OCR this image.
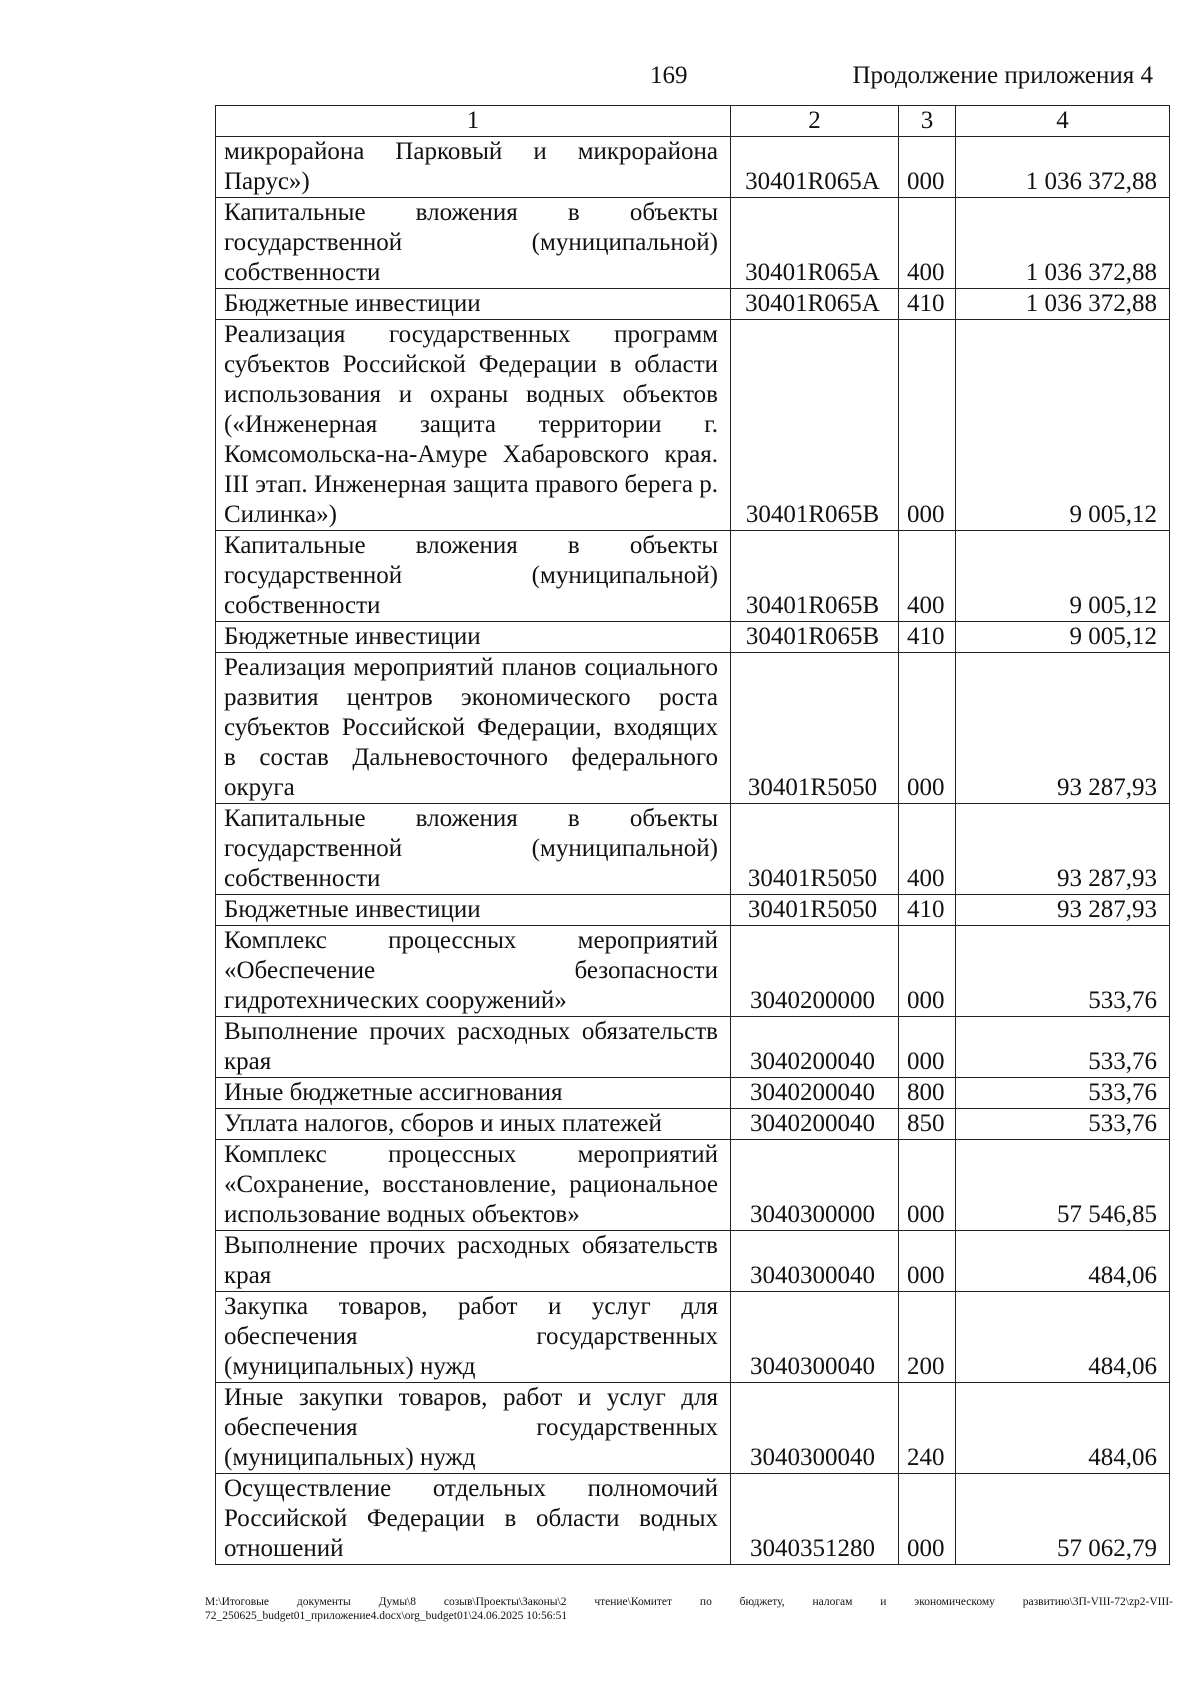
169	Продолжение приложения 4
1	2	3	4
микрорайона Парковый и микрорайона Парус»)	30401R065A	000	1 036 372,88
Капитальные вложения в объекты государственной (муниципальной) собственности	30401R065A	400	1 036 372,88
Бюджетные инвестиции	30401R065A	410	1 036 372,88
Реализация государственных программ субъектов Российской Федерации в области использования и охраны водных объектов («Инженерная защита территории г. Комсомольска-на-Амуре Хабаровского края. III этап. Инженерная защита правого берега р. Силинка»)	30401R065B	000	9 005,12
Капитальные вложения в объекты государственной (муниципальной) собственности	30401R065B	400	9 005,12
Бюджетные инвестиции	30401R065B	410	9 005,12
Реализация мероприятий планов социального развития центров экономического роста субъектов Российской Федерации, входящих в состав Дальневосточного федерального округа	30401R5050	000	93 287,93
Капитальные вложения в объекты государственной (муниципальной) собственности	30401R5050	400	93 287,93
Бюджетные инвестиции	30401R5050	410	93 287,93
Комплекс процессных мероприятий «Обеспечение безопасности гидротехнических сооружений»	3040200000	000	533,76
Выполнение прочих расходных обязательств края	3040200040	000	533,76
Иные бюджетные ассигнования	3040200040	800	533,76
Уплата налогов, сборов и иных платежей	3040200040	850	533,76
Комплекс процессных мероприятий «Сохранение, восстановление, рациональное использование водных объектов»	3040300000	000	57 546,85
Выполнение прочих расходных обязательств края	3040300040	000	484,06
Закупка товаров, работ и услуг для обеспечения государственных (муниципальных) нужд	3040300040	200	484,06
Иные закупки товаров, работ и услуг для обеспечения государственных (муниципальных) нужд	3040300040	240	484,06
Осуществление отдельных полномочий Российской Федерации в области водных отношений	3040351280	000	57 062,79
M:\Итоговые документы Думы\8 созыв\Проекты\Законы\2 чтение\Комитет по бюджету, налогам и экономическому развитию\3П-VIII-72\zp2-VIII-72_250625_budget01_приложение4.docx\org_budget01\24.06.2025 10:56:51
